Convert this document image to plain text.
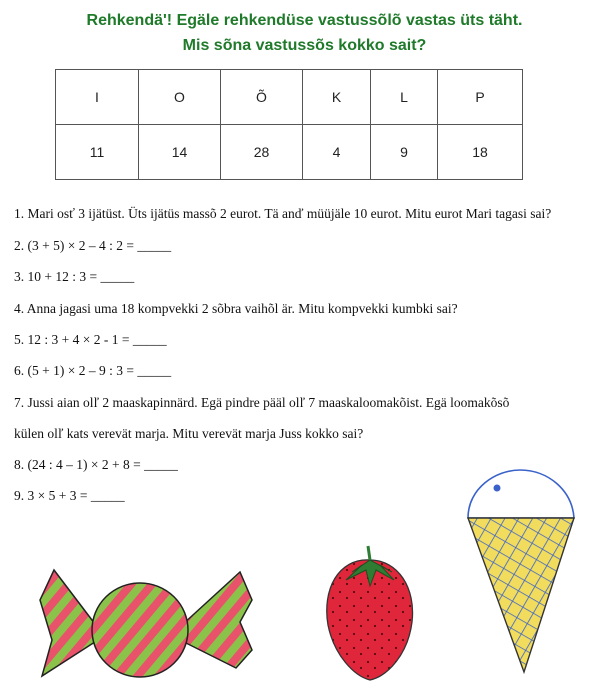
Rehkendä'! Egäle rehkendüse vastussõlõ vastas üts täht.
Mis sõna vastussõs kokko sait?
I	O	Õ	K	L	P
11	14	28	4	9	18
1. Mari osť 3 ijätüst. Üts ijätüs massõ 2 eurot. Tä anď müüjäle 10 eurot. Mitu eurot Mari tagasi sai?
2. (3 + 5) × 2 – 4 : 2 = _____
3. 10 + 12 : 3 = _____
4. Anna jagasi uma 18 kompvekki 2 sõbra vaihõl är. Mitu kompvekki kumbki sai?
5. 12 : 3 + 4 × 2 - 1 = _____
6. (5 + 1) × 2 – 9 : 3 = _____
7. Jussi aian olľ 2 maaskapinnärd. Egä pindre pääl olľ 7 maaskaloomakõist. Egä loomakõsõ
külen olľ kats verevät marja. Mitu verevät marja Juss kokko sai?
8. (24 : 4 – 1) × 2 + 8 = _____
9. 3 × 5 + 3 = _____
